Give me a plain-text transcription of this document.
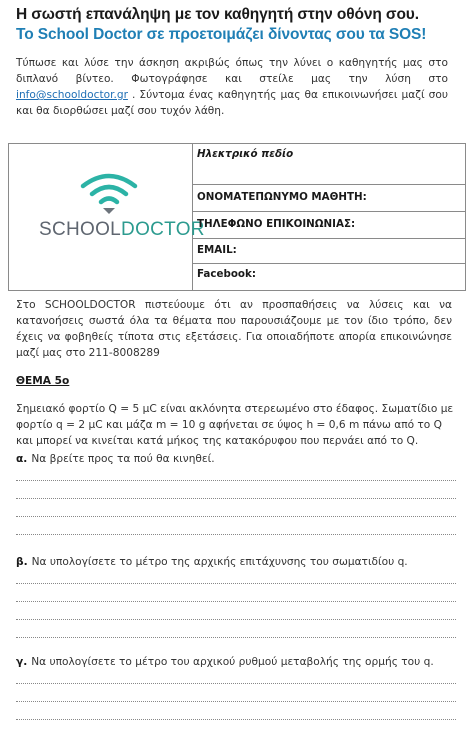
Η σωστή επανάληψη με τον καθηγητή στην οθόνη σου.
Το School Doctor σε προετοιμάζει δίνοντας σου τα SOS!
Τύπωσε και λύσε την άσκηση ακριβώς όπως την λύνει ο καθηγητής μας στο διπλανό βίντεο. Φωτογράφησε και στείλε μας την λύση στο info@schooldoctor.gr . Σύντομα ένας καθηγητής μας θα επικοινωνήσει μαζί σου και θα διορθώσει μαζί σου τυχόν λάθη.
SCHOOLDOCTOR
Ηλεκτρικό πεδίο
ΟΝΟΜΑΤΕΠΩΝΥΜΟ ΜΑΘΗΤΗ:
ΤΗΛΕΦΩΝΟ ΕΠΙΚΟΙΝΩΝΙΑΣ:
EMAIL:
Facebook:
Στο SCHOOLDOCTOR πιστεύουμε ότι αν προσπαθήσεις να λύσεις και να κατανοήσεις σωστά όλα τα θέματα που παρουσιάζουμε με τον ίδιο τρόπο, δεν έχεις να φοβηθείς τίποτα στις εξετάσεις. Για οποιαδήποτε απορία επικοινώνησε μαζί μας στο 211-8008289
ΘΕΜΑ 5ο
Σημειακό φορτίο Q = 5 μC είναι ακλόνητα στερεωμένο στο έδαφος. Σωματίδιο με φορτίο q = 2 μC και μάζα m = 10 g αφήνεται σε ύψος h = 0,6 m πάνω από το Q και μπορεί να κινείται κατά μήκος της κατακόρυφου που περνάει από το Q.
α. Να βρείτε προς τα πού θα κινηθεί.
β. Να υπολογίσετε το μέτρο της αρχικής επιτάχυνσης του σωματιδίου q.
γ. Να υπολογίσετε το μέτρο του αρχικού ρυθμού μεταβολής της ορμής του q.
